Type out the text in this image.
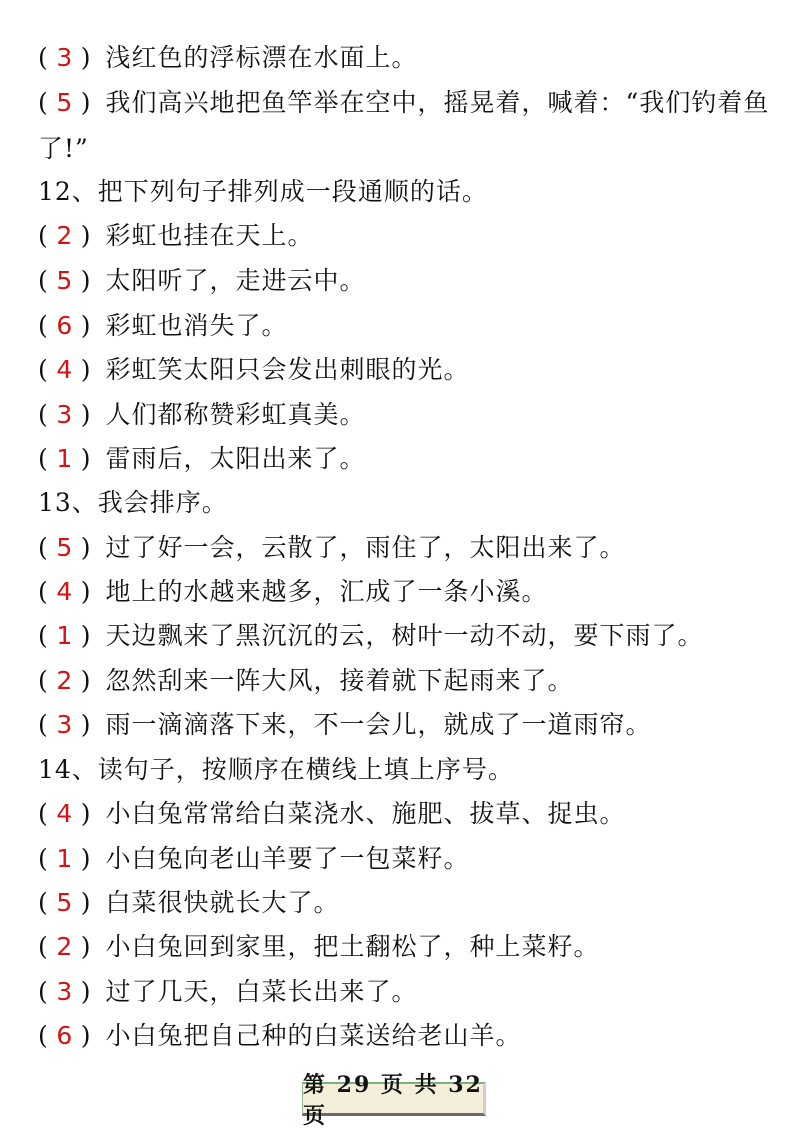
( 3 ) 浅红色的浮标漂在水面上。
( 5 ) 我们高兴地把鱼竿举在空中，摇晃着，喊着：“我们钓着鱼了!”
12、把下列句子排列成一段通顺的话。
( 2 ) 彩虹也挂在天上。
( 5 ) 太阳听了，走进云中。
( 6 ) 彩虹也消失了。
( 4 ) 彩虹笑太阳只会发出刺眼的光。
( 3 ) 人们都称赞彩虹真美。
( 1 ) 雷雨后，太阳出来了。
13、我会排序。
( 5 ) 过了好一会，云散了，雨住了，太阳出来了。
( 4 ) 地上的水越来越多，汇成了一条小溪。
( 1 ) 天边飘来了黑沉沉的云，树叶一动不动，要下雨了。
( 2 ) 忽然刮来一阵大风，接着就下起雨来了。
( 3 ) 雨一滴滴落下来，不一会儿，就成了一道雨帘。
14、读句子，按顺序在横线上填上序号。
( 4 ) 小白兔常常给白菜浇水、施肥、拔草、捉虫。
( 1 ) 小白兔向老山羊要了一包菜籽。
( 5 ) 白菜很快就长大了。
( 2 ) 小白兔回到家里，把土翻松了，种上菜籽。
( 3 ) 过了几天，白菜长出来了。
( 6 ) 小白兔把自己种的白菜送给老山羊。
第 29 页 共 32 页
